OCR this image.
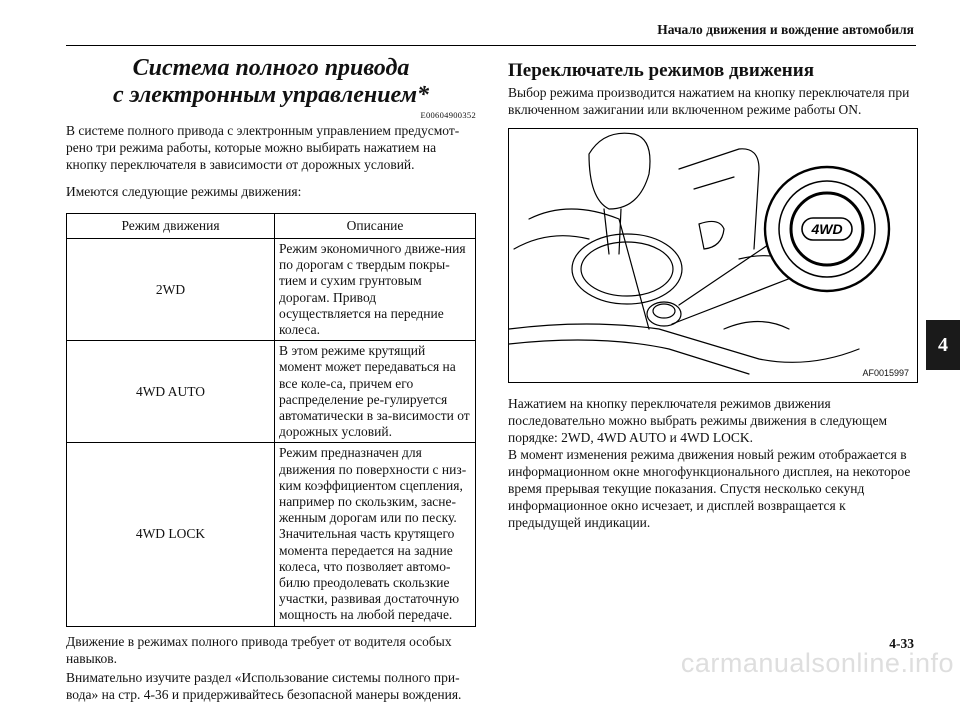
Начало движения и вождение автомобиля
4

Система полного привода

с электронным управлением*

E00604900352

В системе полного привода с электронным управлением предусмот-рено три режима работы, которые можно выбирать нажатием на кнопку переключателя в зависимости от дорожных условий.

Имеются следующие режимы движения:

Режим движения	Описание
2WD	Режим экономичного движе-ния по дорогам с твердым покры-тием и сухим грунтовым дорогам. Привод осуществляется на передние колеса.
4WD AUTO	В этом режиме крутящий момент может передаваться на все коле-са, причем его распределение ре-гулируется автоматически в за-висимости от дорожных условий.
4WD LOCK	Режим предназначен для движения по поверхности с низ-ким коэффициентом сцепления, например по скользким, засне-женным дорогам или по песку. Значительная часть крутящего момента передается на задние колеса, что позволяет автомо-билю преодолевать скользкие участки, развивая достаточную мощность на любой передаче.

Движение в режимах полного привода требует от водителя особых навыков.

Внимательно изучите раздел «Использование системы полного при-вода» на стр. 4-36 и придерживайтесь безопасной манеры вождения.

Переключатель режимов движения

Выбор режима производится нажатием на кнопку переключателя при включенном зажигании или включенном режиме работы ON.

4WD
AF0015997

Нажатием на кнопку переключателя режимов движения последовательно можно выбрать режимы движения в следующем порядке: 2WD, 4WD AUTO и 4WD LOCK.

В момент изменения режима движения новый режим отображается в информационном окне многофункционального дисплея, на некоторое время прерывая текущие показания. Спустя несколько секунд информационное окно исчезает, и дисплей возвращается к предыдущей индикации.

4-33
carmanualsonline.info
